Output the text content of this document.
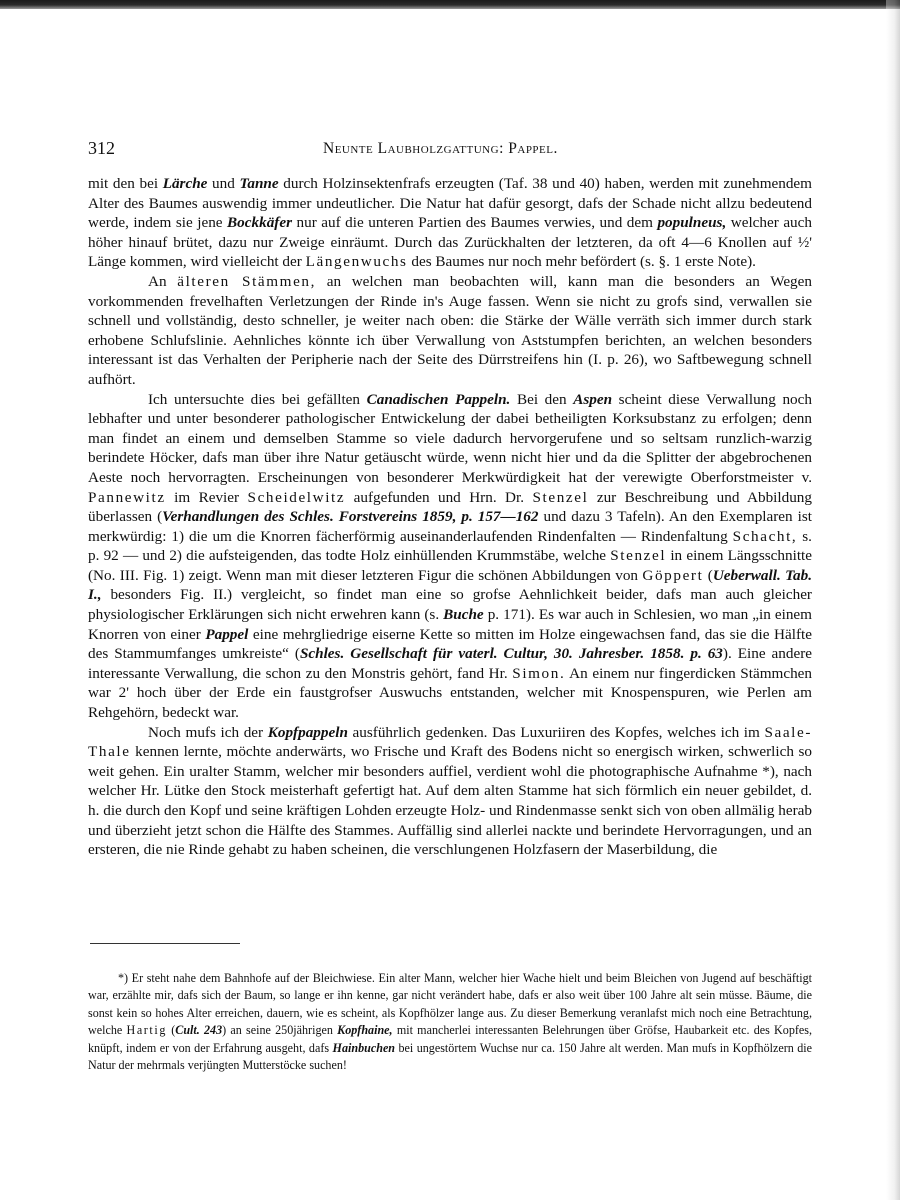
312	Neunte Laubholzgattung: Pappel.

mit den bei Lärche und Tanne durch Holzinsektenfrafs erzeugten (Taf. 38 und 40) haben, werden mit zunehmendem Alter des Baumes auswendig immer undeutlicher. Die Natur hat dafür gesorgt, dafs der Schade nicht allzu bedeutend werde, indem sie jene Bockkäfer nur auf die unteren Partien des Baumes verwies, und dem populneus, welcher auch höher hinauf brütet, dazu nur Zweige einräumt. Durch das Zurückhalten der letzteren, da oft 4—6 Knollen auf ½' Länge kommen, wird vielleicht der Längenwuchs des Baumes nur noch mehr befördert (s. §. 1 erste Note).

An älteren Stämmen, an welchen man beobachten will, kann man die besonders an Wegen vorkommenden frevelhaften Verletzungen der Rinde in's Auge fassen. Wenn sie nicht zu grofs sind, verwallen sie schnell und vollständig, desto schneller, je weiter nach oben: die Stärke der Wälle verräth sich immer durch stark erhobene Schlufslinie. Aehnliches könnte ich über Verwallung von Aststumpfen berichten, an welchen besonders interessant ist das Verhalten der Peripherie nach der Seite des Dürrstreifens hin (I. p. 26), wo Saftbewegung schnell aufhört.

Ich untersuchte dies bei gefällten Canadischen Pappeln. Bei den Aspen scheint diese Verwallung noch lebhafter und unter besonderer pathologischer Entwickelung der dabei betheiligten Korksubstanz zu erfolgen; denn man findet an einem und demselben Stamme so viele dadurch hervorgerufene und so seltsam runzlich-warzig berindete Höcker, dafs man über ihre Natur getäuscht würde, wenn nicht hier und da die Splitter der abgebrochenen Aeste noch hervorragten. Erscheinungen von besonderer Merkwürdigkeit hat der verewigte Oberforstmeister v. Pannewitz im Revier Scheidelwitz aufgefunden und Hrn. Dr. Stenzel zur Beschreibung und Abbildung überlassen (Verhandlungen des Schles. Forstvereins 1859, p. 157—162 und dazu 3 Tafeln). An den Exemplaren ist merkwürdig: 1) die um die Knorren fächerförmig auseinanderlaufenden Rindenfalten — Rindenfaltung Schacht, s. p. 92 — und 2) die aufsteigenden, das todte Holz einhüllenden Krummstäbe, welche Stenzel in einem Längsschnitte (No. III. Fig. 1) zeigt. Wenn man mit dieser letzteren Figur die schönen Abbildungen von Göppert (Ueberwall. Tab. I., besonders Fig. II.) vergleicht, so findet man eine so grofse Aehnlichkeit beider, dafs man auch gleicher physiologischer Erklärungen sich nicht erwehren kann (s. Buche p. 171). Es war auch in Schlesien, wo man „in einem Knorren von einer Pappel eine mehrgliedrige eiserne Kette so mitten im Holze eingewachsen fand, das sie die Hälfte des Stammumfanges umkreiste“ (Schles. Gesellschaft für vaterl. Cultur, 30. Jahresber. 1858. p. 63). Eine andere interessante Verwallung, die schon zu den Monstris gehört, fand Hr. Simon. An einem nur fingerdicken Stämmchen war 2' hoch über der Erde ein faustgrofser Auswuchs entstanden, welcher mit Knospenspuren, wie Perlen am Rehgehörn, bedeckt war.

Noch mufs ich der Kopfpappeln ausführlich gedenken. Das Luxuriiren des Kopfes, welches ich im Saale-Thale kennen lernte, möchte anderwärts, wo Frische und Kraft des Bodens nicht so energisch wirken, schwerlich so weit gehen. Ein uralter Stamm, welcher mir besonders auffiel, verdient wohl die photographische Aufnahme *), nach welcher Hr. Lütke den Stock meisterhaft gefertigt hat. Auf dem alten Stamme hat sich förmlich ein neuer gebildet, d. h. die durch den Kopf und seine kräftigen Lohden erzeugte Holz- und Rindenmasse senkt sich von oben allmälig herab und überzieht jetzt schon die Hälfte des Stammes. Auffällig sind allerlei nackte und berindete Hervorragungen, und an ersteren, die nie Rinde gehabt zu haben scheinen, die verschlungenen Holzfasern der Maserbildung, die

*) Er steht nahe dem Bahnhofe auf der Bleichwiese. Ein alter Mann, welcher hier Wache hielt und beim Bleichen von Jugend auf beschäftigt war, erzählte mir, dafs sich der Baum, so lange er ihn kenne, gar nicht verändert habe, dafs er also weit über 100 Jahre alt sein müsse. Bäume, die sonst kein so hohes Alter erreichen, dauern, wie es scheint, als Kopfhölzer lange aus. Zu dieser Bemerkung veranlafst mich noch eine Betrachtung, welche Hartig (Cult. 243) an seine 250jährigen Kopfhaine, mit mancherlei interessanten Belehrungen über Gröfse, Haubarkeit etc. des Kopfes, knüpft, indem er von der Erfahrung ausgeht, dafs Hainbuchen bei ungestörtem Wuchse nur ca. 150 Jahre alt werden. Man mufs in Kopfhölzern die Natur der mehrmals verjüngten Mutterstöcke suchen!
